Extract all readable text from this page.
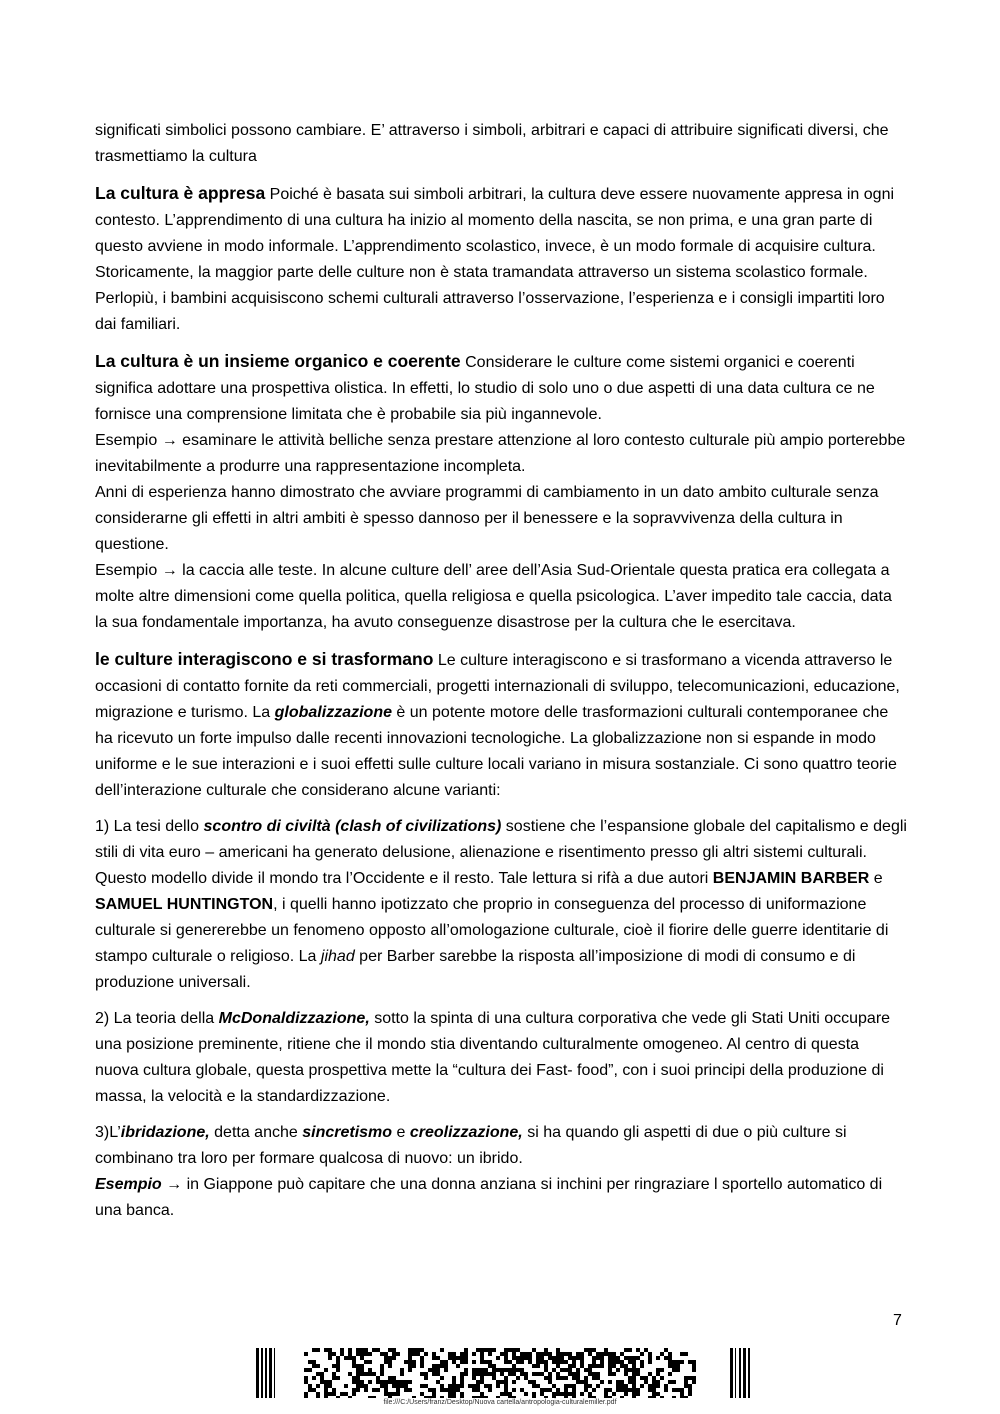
significati simbolici possono cambiare. E’ attraverso i simboli, arbitrari e capaci di attribuire significati diversi, che trasmettiamo la cultura

La cultura è appresa Poiché è basata sui simboli arbitrari, la cultura deve essere nuovamente appresa in ogni contesto. L’apprendimento di una cultura ha inizio al momento della nascita, se non prima, e una gran parte di questo avviene in modo informale. L’apprendimento scolastico, invece, è un modo formale di acquisire cultura. Storicamente, la maggior parte delle culture non è stata tramandata attraverso un sistema scolastico formale. Perlopiù, i bambini acquisiscono schemi culturali attraverso l’osservazione, l’esperienza e i consigli impartiti loro dai familiari.

La cultura è un insieme organico e coerente Considerare le culture come sistemi organici e coerenti significa adottare una prospettiva olistica. In effetti, lo studio di solo uno o due aspetti di una data cultura ce ne fornisce una comprensione limitata che è probabile sia più ingannevole.
Esempio → esaminare le attività belliche senza prestare attenzione al loro contesto culturale più ampio porterebbe inevitabilmente a produrre una rappresentazione incompleta.
Anni di esperienza hanno dimostrato che avviare programmi di cambiamento in un dato ambito culturale senza considerarne gli effetti in altri ambiti è spesso dannoso per il benessere e la sopravvivenza della cultura in questione.
Esempio → la caccia alle teste. In alcune culture dell’ aree dell’Asia Sud-Orientale questa pratica era collegata a molte altre dimensioni come quella politica, quella religiosa e quella psicologica. L’aver impedito tale caccia, data la sua fondamentale importanza, ha avuto conseguenze disastrose per la cultura che le esercitava.

le culture interagiscono e si trasformano Le culture interagiscono e si trasformano a vicenda attraverso le occasioni di contatto fornite da reti commerciali, progetti internazionali di sviluppo, telecomunicazioni, educazione, migrazione e turismo. La globalizzazione è un potente motore delle trasformazioni culturali contemporanee che ha ricevuto un forte impulso dalle recenti innovazioni tecnologiche. La globalizzazione non si espande in modo uniforme e le sue interazioni e i suoi effetti sulle culture locali variano in misura sostanziale. Ci sono quattro teorie dell’interazione culturale che considerano alcune varianti:

1) La tesi dello scontro di civiltà (clash of civilizations) sostiene che l’espansione globale del capitalismo e degli stili di vita euro – americani ha generato delusione, alienazione e risentimento presso gli altri sistemi culturali. Questo modello divide il mondo tra l’Occidente e il resto. Tale lettura si rifà a due autori BENJAMIN BARBER e SAMUEL HUNTINGTON, i quelli hanno ipotizzato che proprio in conseguenza del processo di uniformazione culturale si genererebbe un fenomeno opposto all’omologazione culturale, cioè il fiorire delle guerre identitarie di stampo culturale o religioso. La jihad per Barber sarebbe la risposta all’imposizione di modi di consumo e di produzione universali.

2) La teoria della McDonaldizzazione, sotto la spinta di una cultura corporativa che vede gli Stati Uniti occupare una posizione preminente, ritiene che il mondo stia diventando culturalmente omogeneo. Al centro di questa nuova cultura globale, questa prospettiva mette la “cultura dei Fast- food”, con i suoi principi della produzione di massa, la velocità e la standardizzazione.

3)L’ibridazione, detta anche sincretismo e creolizzazione, si ha quando gli aspetti di due o più culture si combinano tra loro per formare qualcosa di nuovo: un ibrido.
Esempio → in Giappone può capitare che una donna anziana si inchini per ringraziare l sportello automatico di una banca.

7
file:///C:/Users/franz/Desktop/Nuova cartella/antropologia-culturalemiller.pdf
